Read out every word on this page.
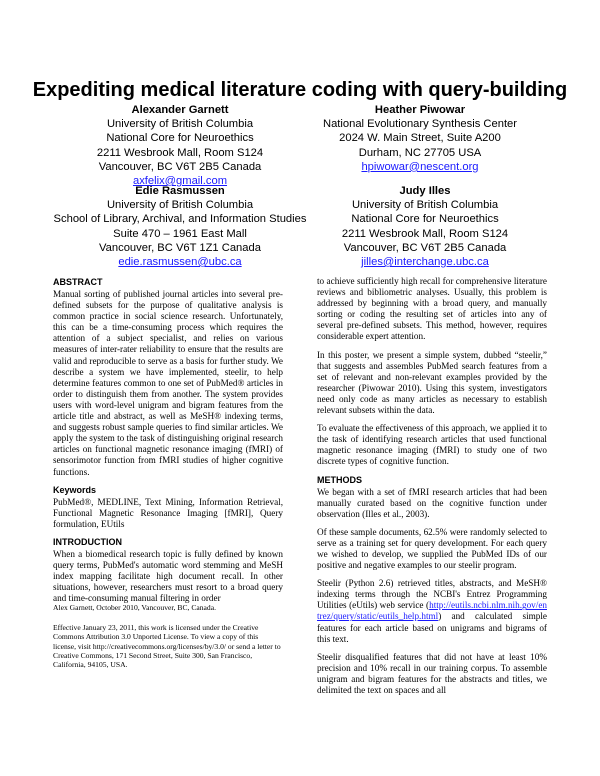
Expediting medical literature coding with query-building
Alexander Garnett
University of British Columbia
National Core for Neuroethics
2211 Wesbrook Mall, Room S124
Vancouver, BC V6T 2B5 Canada
axfelix@gmail.com
Heather Piwowar
National Evolutionary Synthesis Center
2024 W. Main Street, Suite A200
Durham, NC 27705 USA
hpiwowar@nescent.org
Edie Rasmussen
University of British Columbia
School of Library, Archival, and Information Studies
Suite 470 – 1961 East Mall
Vancouver, BC V6T 1Z1 Canada
edie.rasmussen@ubc.ca
Judy Illes
University of British Columbia
National Core for Neuroethics
2211 Wesbrook Mall, Room S124
Vancouver, BC V6T 2B5 Canada
jilles@interchange.ubc.ca
ABSTRACT

Manual sorting of published journal articles into several pre-defined subsets for the purpose of qualitative analysis is common practice in social science research. Unfortunately, this can be a time-consuming process which requires the attention of a subject specialist, and relies on various measures of inter-rater reliability to ensure that the results are valid and reproducible to serve as a basis for further study. We describe a system we have implemented, steelir, to help determine features common to one set of PubMed® articles in order to distinguish them from another. The system provides users with word-level unigram and bigram features from the article title and abstract, as well as MeSH® indexing terms, and suggests robust sample queries to find similar articles. We apply the system to the task of distinguishing original research articles on functional magnetic resonance imaging (fMRI) of sensorimotor function from fMRI studies of higher cognitive functions.

Keywords

PubMed®, MEDLINE, Text Mining, Information Retrieval, Functional Magnetic Resonance Imaging [fMRI], Query formulation, EUtils

INTRODUCTION

When a biomedical research topic is fully defined by known query terms, PubMed's automatic word stemming and MeSH index mapping facilitate high document recall. In other situations, however, researchers must resort to a broad query and time-consuming manual filtering in order

Alex Garnett, October 2010, Vancouver, BC, Canada.
Effective January 23, 2011, this work is licensed under the Creative Commons Attribution 3.0 Unported License. To view a copy of this license, visit http://creativecommons.org/licenses/by/3.0/ or send a letter to Creative Commons, 171 Second Street, Suite 300, San Francisco, California, 94105, USA.

to achieve sufficiently high recall for comprehensive literature reviews and bibliometric analyses. Usually, this problem is addressed by beginning with a broad query, and manually sorting or coding the resulting set of articles into any of several pre-defined subsets. This method, however, requires considerable expert attention.

In this poster, we present a simple system, dubbed “steelir,” that suggests and assembles PubMed search features from a set of relevant and non-relevant examples provided by the researcher (Piwowar 2010). Using this system, investigators need only code as many articles as necessary to establish relevant subsets within the data.

To evaluate the effectiveness of this approach, we applied it to the task of identifying research articles that used functional magnetic resonance imaging (fMRI) to study one of two discrete types of cognitive function.

METHODS

We began with a set of fMRI research articles that had been manually curated based on the cognitive function under observation (Illes et al., 2003).

Of these sample documents, 62.5% were randomly selected to serve as a training set for query development. For each query we wished to develop, we supplied the PubMed IDs of our positive and negative examples to our steelir program.

Steelir (Python 2.6) retrieved titles, abstracts, and MeSH® indexing terms through the NCBI's Entrez Programming Utilities (eUtils) web service (http://eutils.ncbi.nlm.nih.gov/entrez/query/static/eutils_help.html) and calculated simple features for each article based on unigrams and bigrams of this text.

Steelir disqualified features that did not have at least 10% precision and 10% recall in our training corpus. To assemble unigram and bigram features for the abstracts and titles, we delimited the text on spaces and all
